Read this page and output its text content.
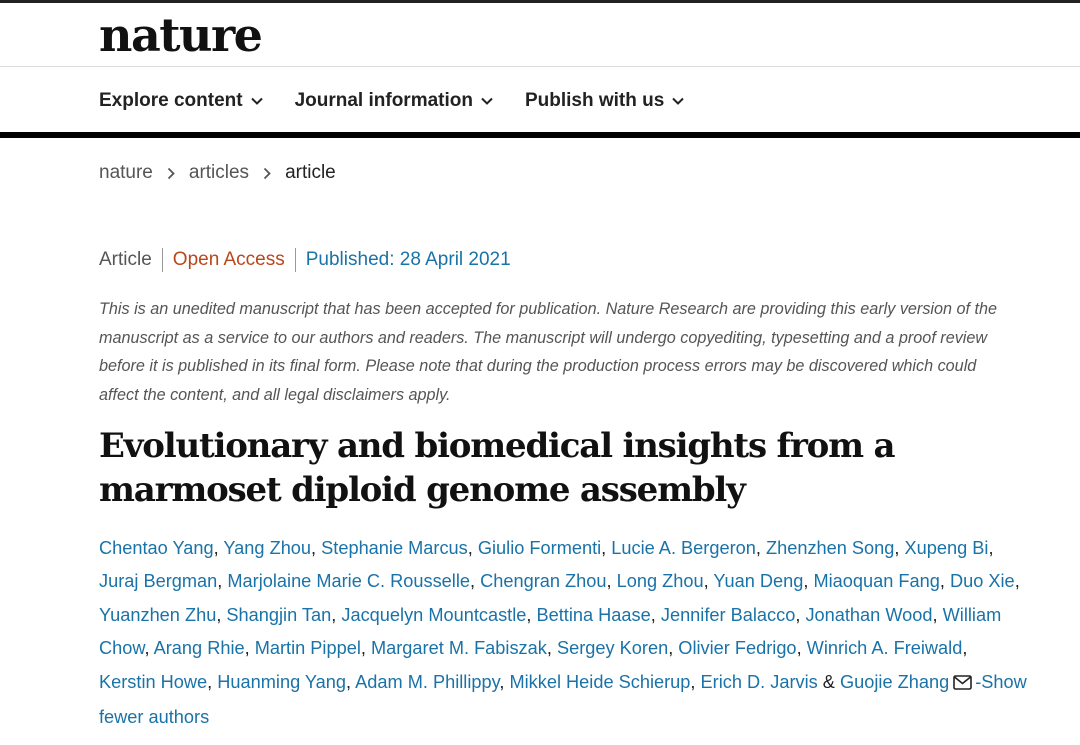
nature
Explore content	Journal information	Publish with us
nature articles article
Article Open Access Published: 28 April 2021

This is an unedited manuscript that has been accepted for publication. Nature Research are providing this early version of the manuscript as a service to our authors and readers. The manuscript will undergo copyediting, typesetting and a proof review before it is published in its final form. Please note that during the production process errors may be discovered which could affect the content, and all legal disclaimers apply.

Evolutionary and biomedical insights from a marmoset diploid genome assembly
Chentao Yang, Yang Zhou, Stephanie Marcus, Giulio Formenti, Lucie A. Bergeron, Zhenzhen Song, Xupeng Bi, Juraj Bergman, Marjolaine Marie C. Rousselle, Chengran Zhou, Long Zhou, Yuan Deng, Miaoquan Fang, Duo Xie, Yuanzhen Zhu, Shangjin Tan, Jacquelyn Mountcastle, Bettina Haase, Jennifer Balacco, Jonathan Wood, William Chow, Arang Rhie, Martin Pippel, Margaret M. Fabiszak, Sergey Koren, Olivier Fedrigo, Winrich A. Freiwald, Kerstin Howe, Huanming Yang, Adam M. Phillippy, Mikkel Heide Schierup, Erich D. Jarvis & Guojie Zhang -Show fewer authors
